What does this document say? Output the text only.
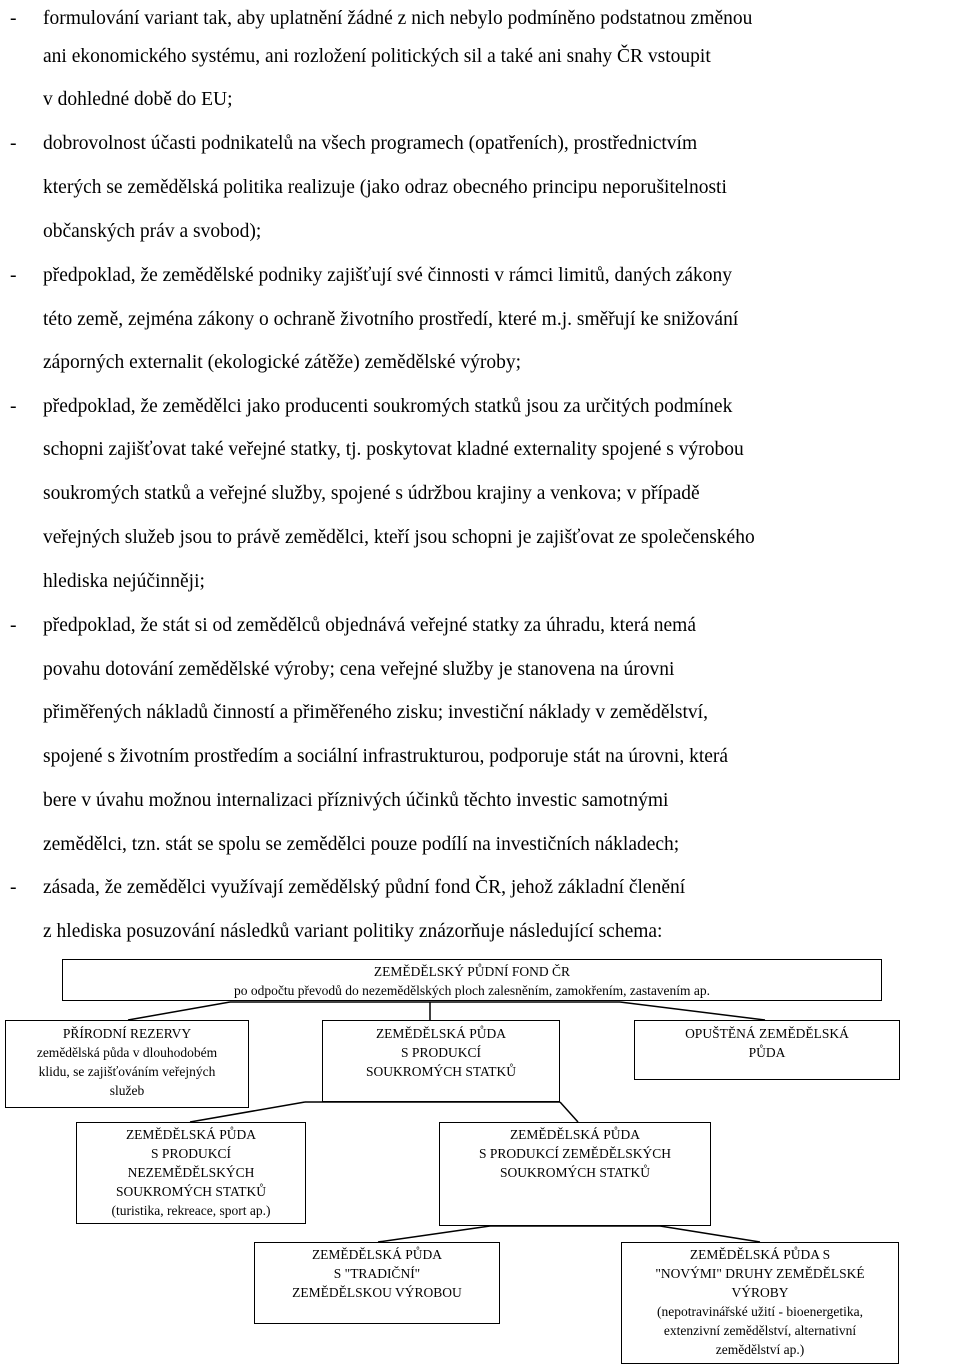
- formulování variant tak, aby uplatnění žádné z nich nebylo podmíněno podstatnou změnou
ani ekonomického systému, ani rozložení politických sil a také ani snahy ČR vstoupit
v dohledné době do EU;
- dobrovolnost účasti podnikatelů na všech programech (opatřeních), prostřednictvím
kterých se zemědělská politika realizuje (jako odraz obecného principu neporušitelnosti
občanských práv a svobod);
- předpoklad, že zemědělské podniky zajišťují své činnosti v rámci limitů, daných zákony
této země, zejména zákony o ochraně životního prostředí, které m.j. směřují ke snižování
záporných externalit (ekologické zátěže) zemědělské výroby;
- předpoklad, že zemědělci jako producenti soukromých statků jsou za určitých podmínek
schopni zajišťovat také veřejné statky, tj. poskytovat kladné externality spojené s výrobou
soukromých statků a veřejné služby, spojené s údržbou krajiny a venkova; v případě
veřejných služeb jsou to právě zemědělci, kteří jsou schopni je zajišťovat ze společenského
hlediska nejúčinněji;
- předpoklad, že stát si od zemědělců objednává veřejné statky za úhradu, která nemá
povahu dotování zemědělské výroby; cena veřejné služby je stanovena na úrovni
přiměřených nákladů činností a přiměřeného zisku; investiční náklady v zemědělství,
spojené s životním prostředím a sociální infrastrukturou, podporuje stát na úrovni, která
bere v úvahu možnou internalizaci příznivých účinků těchto investic samotnými
zemědělci, tzn. stát se spolu se zemědělci pouze podílí na investičních nákladech;
- zásada, že zemědělci využívají zemědělský půdní fond ČR, jehož základní členění
z hlediska posuzování následků variant politiky znázorňuje následující schema:
ZEMĚDĚLSKÝ PŮDNÍ FOND ČR
po odpočtu převodů do nezemědělských ploch zalesněním, zamokřením, zastavením ap.
PŘÍRODNÍ REZERVY
zemědělská půda v dlouhodobém
klidu, se zajišťováním veřejných
služeb
ZEMĚDĚLSKÁ PŮDA
S PRODUKCÍ
SOUKROMÝCH STATKŮ
OPUŠTĚNÁ ZEMĚDĚLSKÁ
PŮDA
ZEMĚDĚLSKÁ PŮDA
S PRODUKCÍ
NEZEMĚDĚLSKÝCH
SOUKROMÝCH STATKŮ
(turistika, rekreace, sport ap.)
ZEMĚDĚLSKÁ PŮDA
S PRODUKCÍ ZEMĚDĚLSKÝCH
SOUKROMÝCH STATKŮ
ZEMĚDĚLSKÁ PŮDA
S "TRADIČNÍ"
ZEMĚDĚLSKOU VÝROBOU
ZEMĚDĚLSKÁ PŮDA S
"NOVÝMI" DRUHY ZEMĚDĚLSKÉ
VÝROBY
(nepotravinářské užití - bioenergetika,
extenzivní zemědělství, alternativní
zemědělství ap.)
